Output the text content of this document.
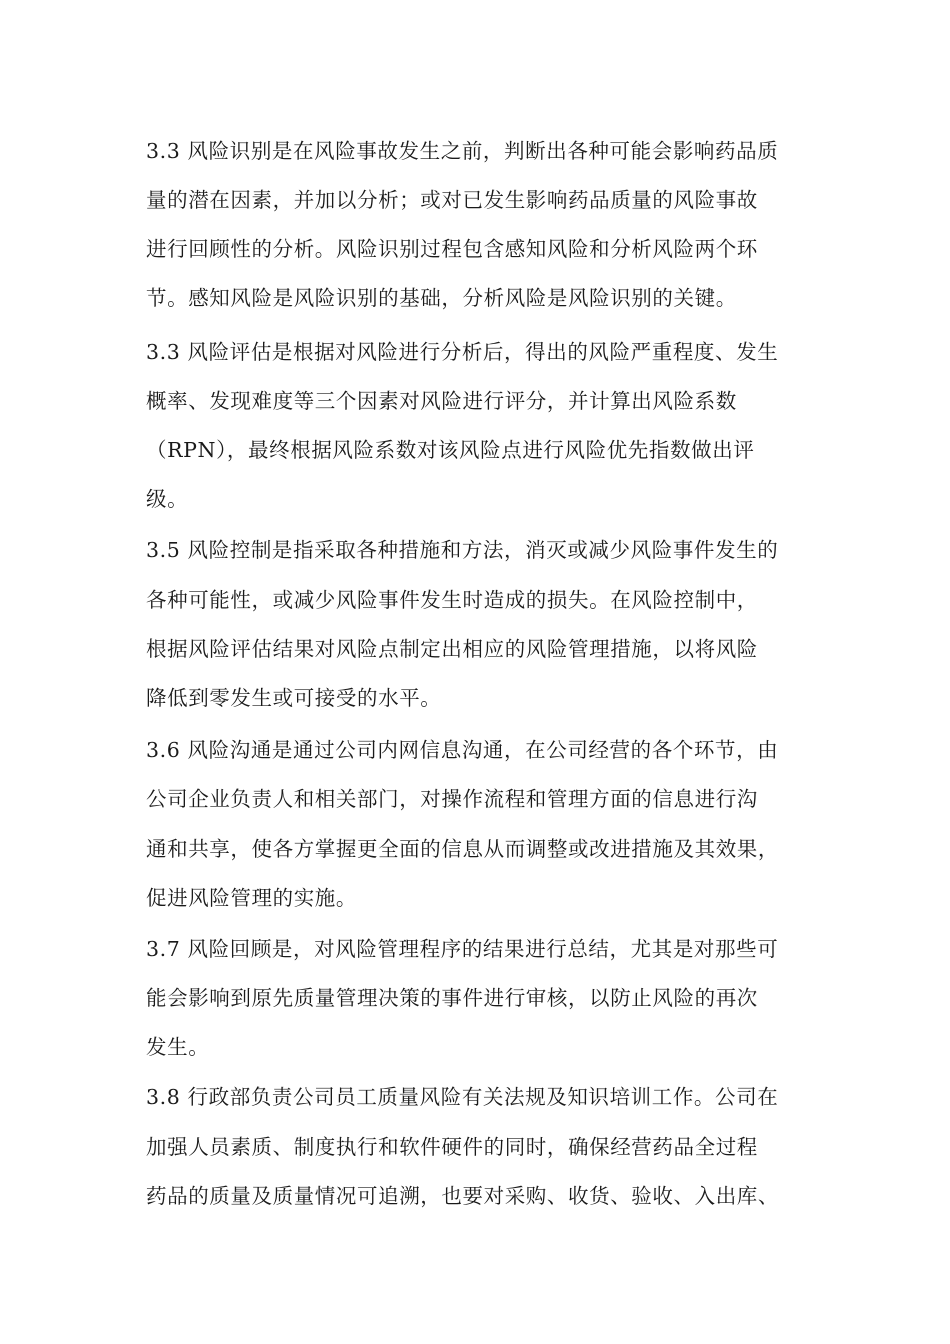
3.3 风险识别是在风险事故发生之前，判断出各种可能会影响药品质
量的潜在因素，并加以分析；或对已发生影响药品质量的风险事故
进行回顾性的分析。风险识别过程包含感知风险和分析风险两个环
节。感知风险是风险识别的基础，分析风险是风险识别的关键。
3.3 风险评估是根据对风险进行分析后，得出的风险严重程度、发生
概率、发现难度等三个因素对风险进行评分，并计算出风险系数
（RPN），最终根据风险系数对该风险点进行风险优先指数做出评
级。
3.5 风险控制是指采取各种措施和方法，消灭或减少风险事件发生的
各种可能性，或减少风险事件发生时造成的损失。在风险控制中，
根据风险评估结果对风险点制定出相应的风险管理措施，以将风险
降低到零发生或可接受的水平。
3.6 风险沟通是通过公司内网信息沟通，在公司经营的各个环节，由
公司企业负责人和相关部门，对操作流程和管理方面的信息进行沟
通和共享，使各方掌握更全面的信息从而调整或改进措施及其效果，
促进风险管理的实施。
3.7 风险回顾是，对风险管理程序的结果进行总结，尤其是对那些可
能会影响到原先质量管理决策的事件进行审核，以防止风险的再次
发生。
3.8 行政部负责公司员工质量风险有关法规及知识培训工作。公司在
加强人员素质、制度执行和软件硬件的同时，确保经营药品全过程
药品的质量及质量情况可追溯，也要对采购、收货、验收、入出库、
